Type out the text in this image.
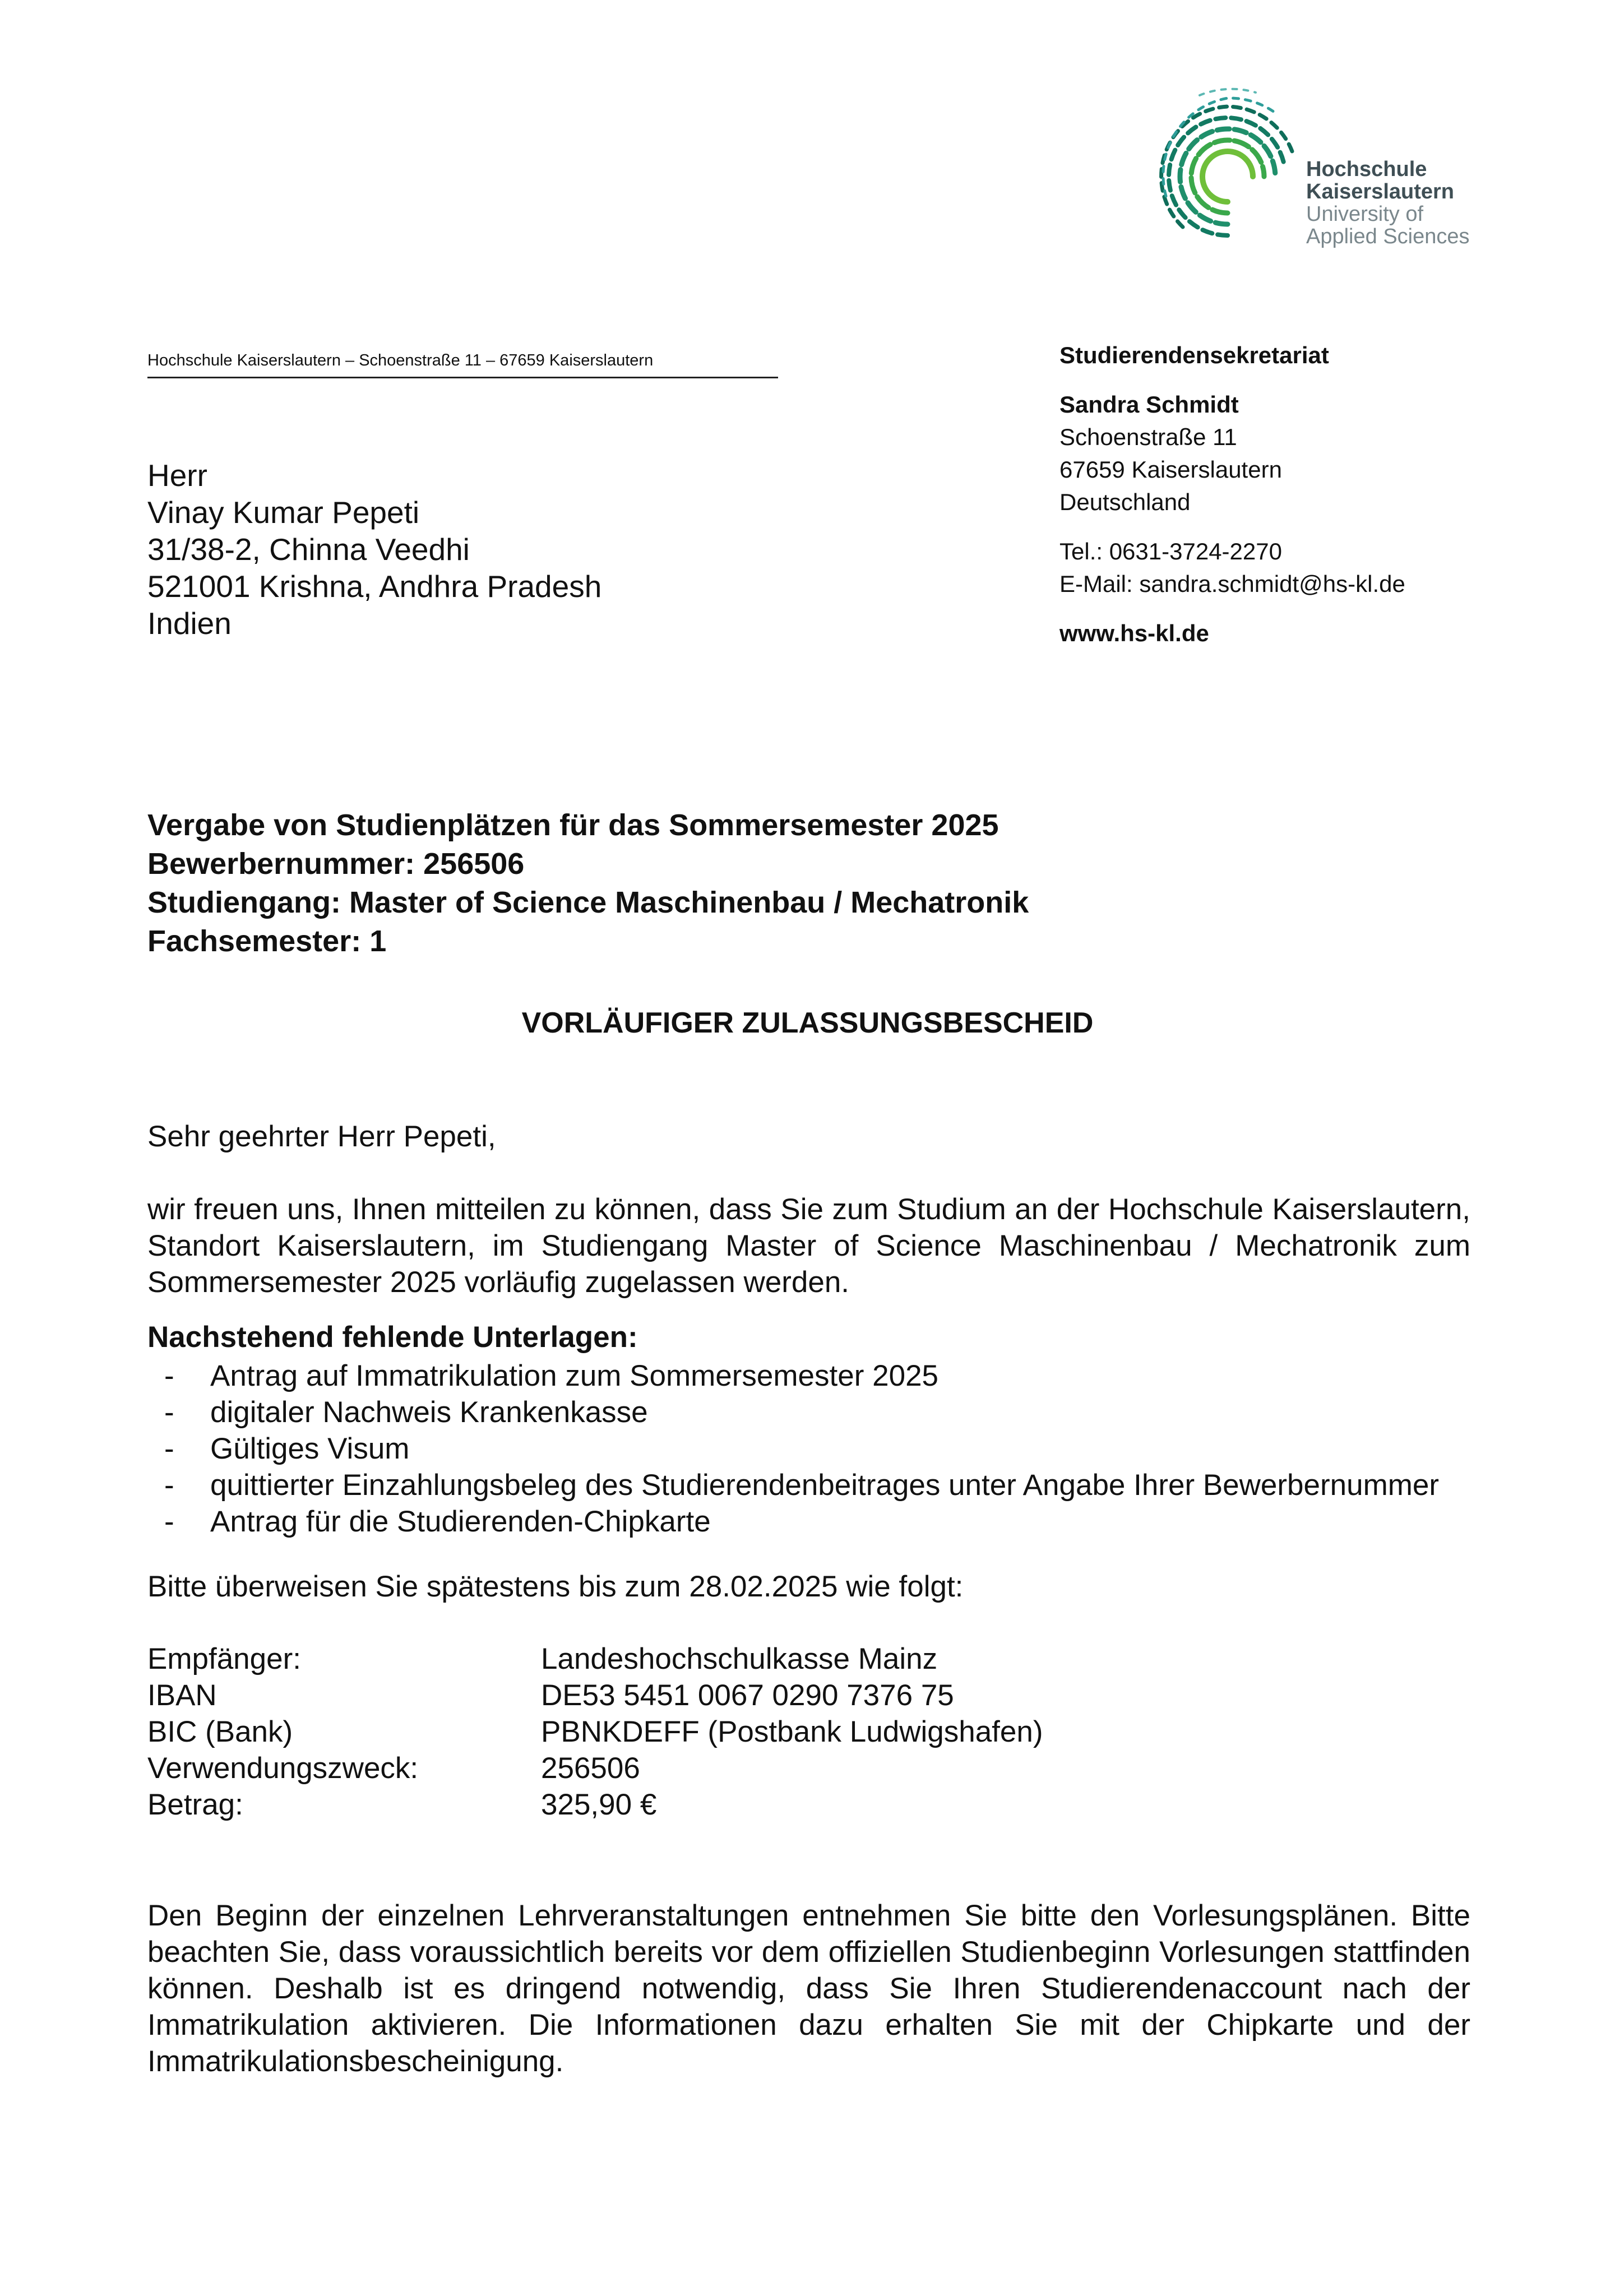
Hochschule
Kaiserslautern
University of
Applied Sciences
Hochschule Kaiserslautern – Schoenstraße 11 – 67659 Kaiserslautern
Herr
Vinay Kumar Pepeti
31/38-2, Chinna Veedhi
521001 Krishna, Andhra Pradesh
Indien
Studierendensekretariat
Sandra Schmidt
Schoenstraße 11
67659 Kaiserslautern
Deutschland
Tel.: 0631-3724-2270
E-Mail: sandra.schmidt@hs-kl.de
www.hs-kl.de
Vergabe von Studienplätzen für das Sommersemester 2025
Bewerbernummer: 256506
Studiengang: Master of Science Maschinenbau / Mechatronik
Fachsemester: 1
VORLÄUFIGER ZULASSUNGSBESCHEID
Sehr geehrter Herr Pepeti,
wir freuen uns, Ihnen mitteilen zu können, dass Sie zum Studium an der Hochschule Kaiserslautern, Standort Kaiserslautern, im Studiengang Master of Science Maschinenbau / Mechatronik zum Sommersemester 2025 vorläufig zugelassen werden.
Nachstehend fehlende Unterlagen:
- Antrag auf Immatrikulation zum Sommersemester 2025
- digitaler Nachweis Krankenkasse
- Gültiges Visum
- quittierter Einzahlungsbeleg des Studierendenbeitrages unter Angabe Ihrer Bewerbernummer
- Antrag für die Studierenden-Chipkarte
Bitte überweisen Sie spätestens bis zum 28.02.2025 wie folgt:
Empfänger:	Landeshochschulkasse Mainz
IBAN	DE53 5451 0067 0290 7376 75
BIC (Bank)	PBNKDEFF (Postbank Ludwigshafen)
Verwendungszweck:	256506
Betrag:	325,90 €
Den Beginn der einzelnen Lehrveranstaltungen entnehmen Sie bitte den Vorlesungsplänen. Bitte beachten Sie, dass voraussichtlich bereits vor dem offiziellen Studienbeginn Vorlesungen stattfinden können. Deshalb ist es dringend notwendig, dass Sie Ihren Studierendenaccount nach der Immatrikulation aktivieren. Die Informationen dazu erhalten Sie mit der Chipkarte und der Immatrikulationsbescheinigung.
